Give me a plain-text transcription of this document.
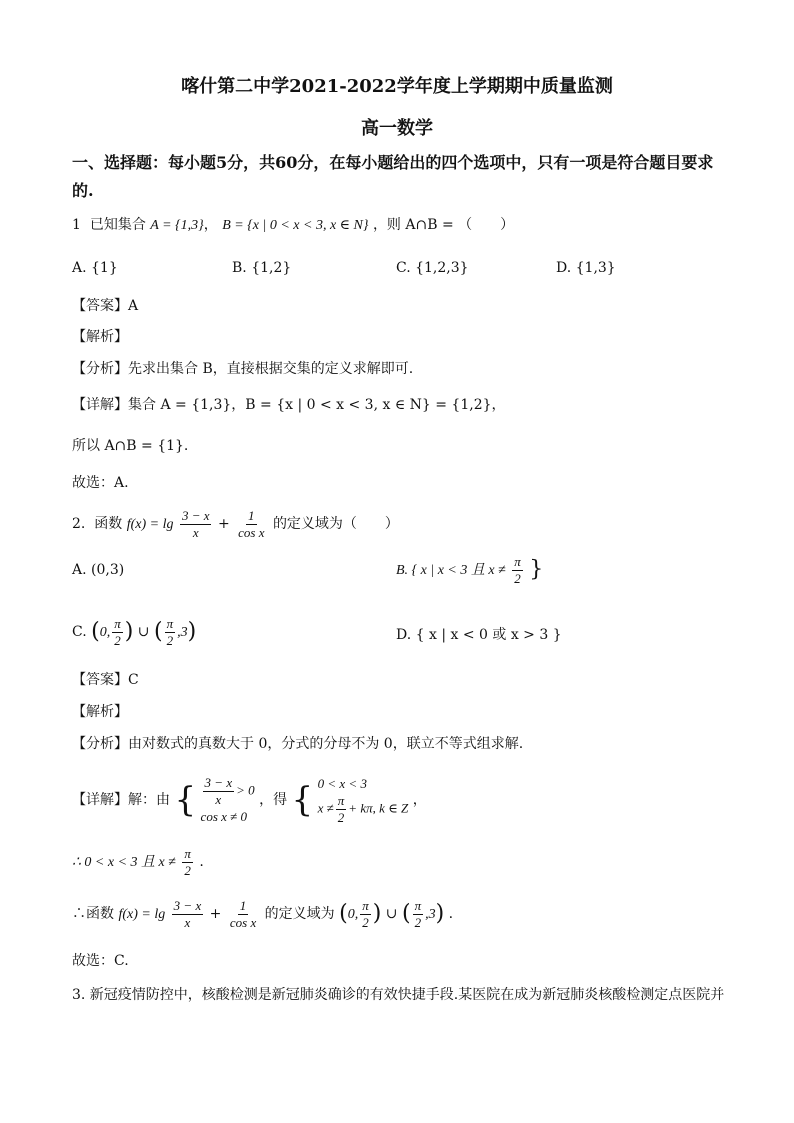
喀什第二中学2021-2022学年度上学期期中质量监测
高一数学
一、选择题：每小题5分，共60分，在每小题给出的四个选项中，只有一项是符合题目要求
的.
1 已知集合 A = {1,3}， B = {x | 0 < x < 3, x ∈ N} ，则 A∩B = （　　）
A. {1}	B. {1,2}	C. {1,2,3}	D. {1,3}
【答案】A
【解析】
【分析】先求出集合 B，直接根据交集的定义求解即可.
【详解】集合 A = {1,3}，B = {x | 0 < x < 3, x ∈ N} = {1,2}，
所以 A∩B = {1}.
故选：A.
2. 函数 $f(x) = \lg \frac{3 - x}{x} + \frac{1}{\text{cos x}}$ 的定义域为（　　）
A. (0,3)	B. { x | x < 3 且 $x \ne \frac{\pi}{2}$ }
C. (0, $\frac{\pi}{2}$ ) ∪ ( $\frac{\pi}{2} ,3$)	D. { x | x < 0 或 x > 3 }
【答案】C
【解析】
【分析】由对数式的真数大于 0，分式的分母不为 0，联立不等式组求解.
【详解】解：由 { $\frac{3 - x}{x} > 0$
cos x ≠ 0
，得 { 0 < x < 3
$x \ne \frac{\pi}{2} + k\pi$, k ∈ Z ，
∴ 0 < x < 3 且 $x \ne \frac{\pi}{2}$ .
∴函数 $f(x) = \lg \frac{3 - x}{x} + \frac{1}{\text{cos x}}$ 的定义域为 (0, $\frac{\pi}{2}$ ) ∪ ( $\frac{\pi}{2} ,3$) .
故选：C.
3. 新冠疫情防控中，核酸检测是新冠肺炎确诊的有效快捷手段.某医院在成为新冠肺炎核酸检测定点医院并
